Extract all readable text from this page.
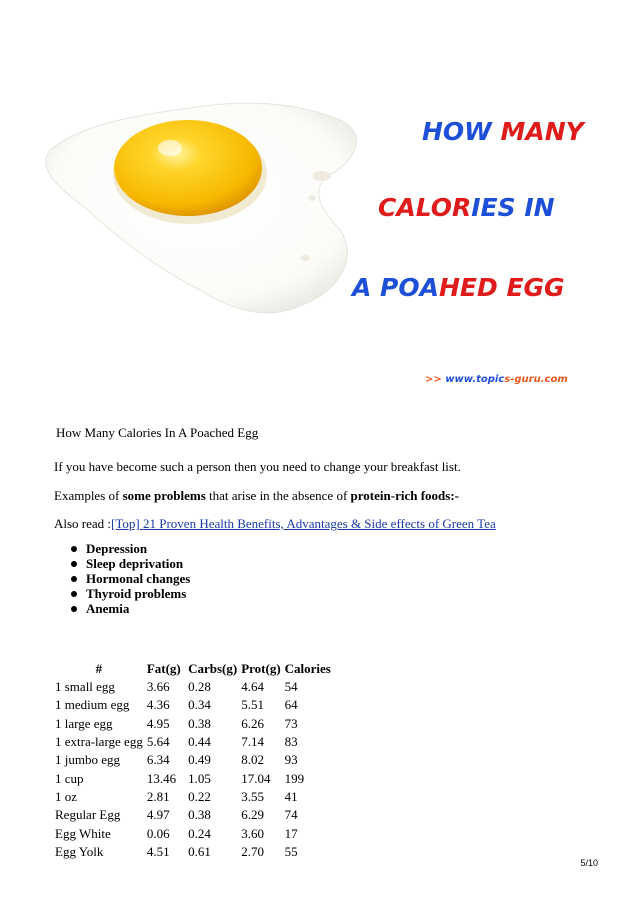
HOW MANY
CALORIES IN
A POAHED EGG
>> www.topics-guru.com
How Many Calories In A Poached Egg
If you have become such a person then you need to change your breakfast list.
Examples of some problems that arise in the absence of protein-rich foods:-
Also read :[Top] 21 Proven Health Benefits, Advantages & Side effects of Green Tea
Depression
Sleep deprivation
Hormonal changes
Thyroid problems
Anemia
#	Fat(g)	Carbs(g)	Prot(g)	Calories
1 small egg	3.66	0.28	4.64	54
1 medium egg	4.36	0.34	5.51	64
1 large egg	4.95	0.38	6.26	73
1 extra-large egg	5.64	0.44	7.14	83
1 jumbo egg	6.34	0.49	8.02	93
1 cup	13.46	1.05	17.04	199
1 oz	2.81	0.22	3.55	41
Regular Egg	4.97	0.38	6.29	74
Egg White	0.06	0.24	3.60	17
Egg Yolk	4.51	0.61	2.70	55
5/10
